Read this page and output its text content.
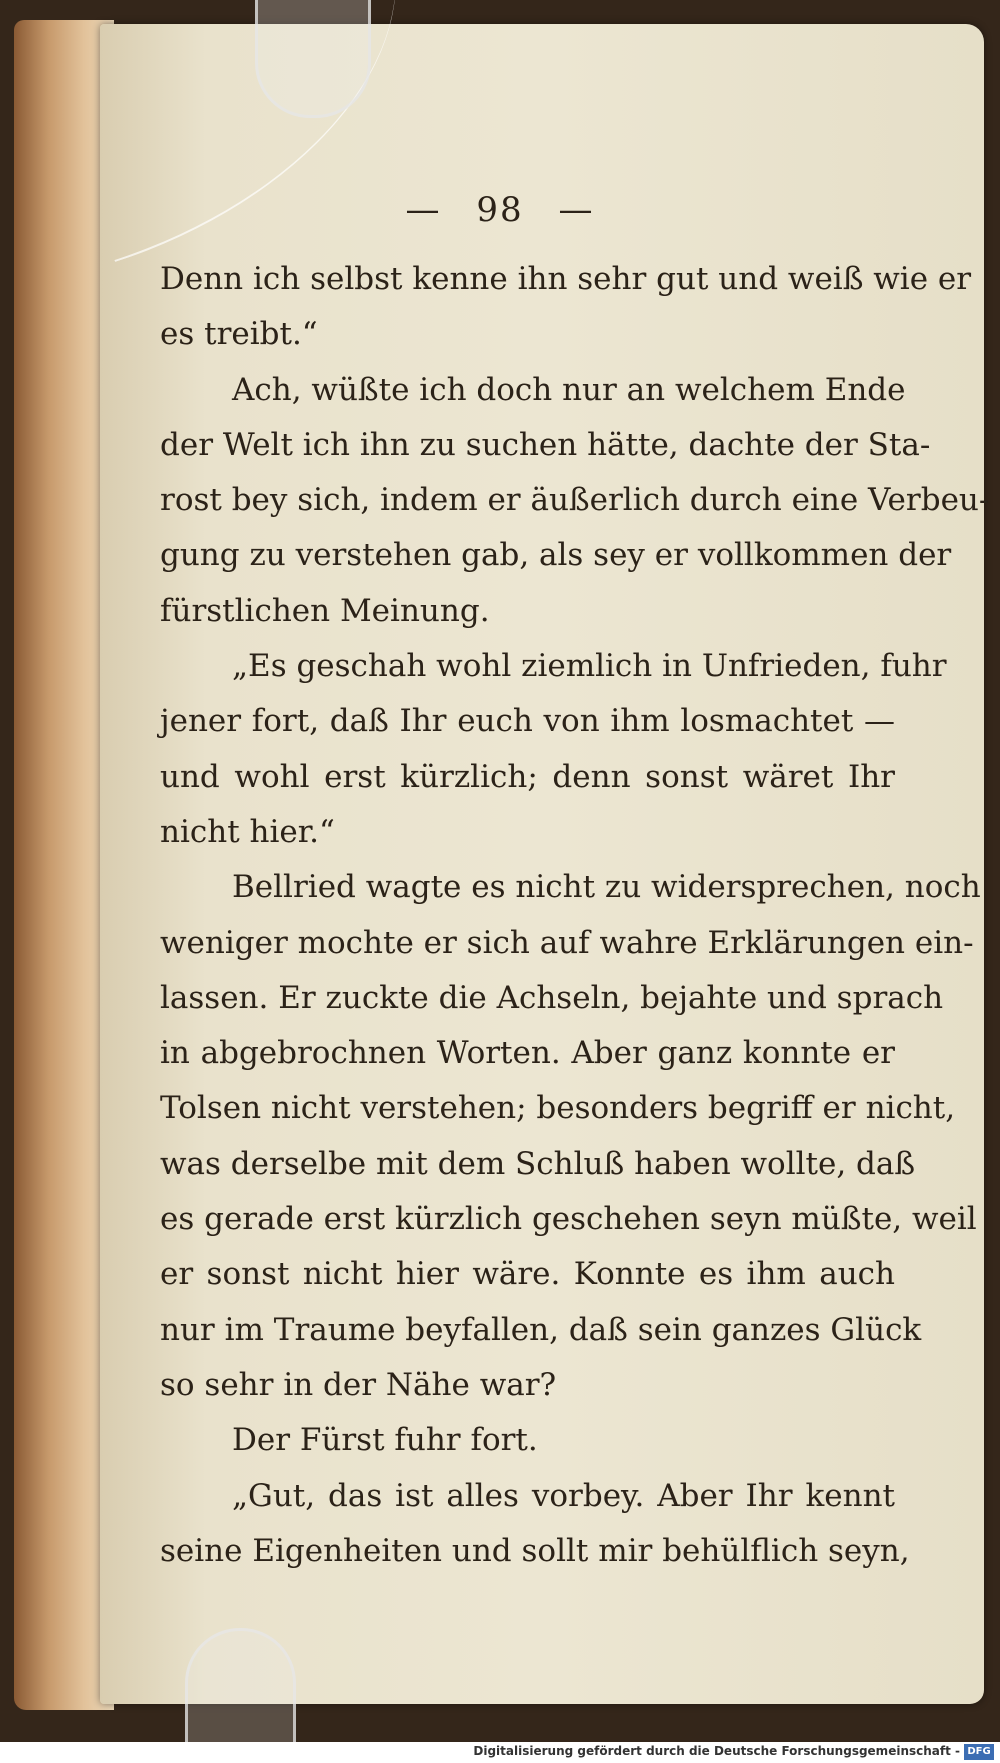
— 98 —
Denn ich selbst kenne ihn sehr gut und weiß wie er
es treibt.“
Ach, wüßte ich doch nur an welchem Ende
der Welt ich ihn zu suchen hätte, dachte der Sta-
rost bey sich, indem er äußerlich durch eine Verbeu-
gung zu verstehen gab, als sey er vollkommen der
fürstlichen Meinung.
„Es geschah wohl ziemlich in Unfrieden, fuhr
jener fort, daß Ihr euch von ihm losmachtet —
und wohl erst kürzlich; denn sonst wäret Ihr
nicht hier.“
Bellried wagte es nicht zu widersprechen, noch
weniger mochte er sich auf wahre Erklärungen ein-
lassen. Er zuckte die Achseln, bejahte und sprach
in abgebrochnen Worten. Aber ganz konnte er
Tolsen nicht verstehen; besonders begriff er nicht,
was derselbe mit dem Schluß haben wollte, daß
es gerade erst kürzlich geschehen seyn müßte, weil
er sonst nicht hier wäre. Konnte es ihm auch
nur im Traume beyfallen, daß sein ganzes Glück
so sehr in der Nähe war?
Der Fürst fuhr fort.
„Gut, das ist alles vorbey. Aber Ihr kennt
seine Eigenheiten und sollt mir behülflich seyn,
Digitalisierung gefördert durch die Deutsche Forschungsgemeinschaft - DFG
